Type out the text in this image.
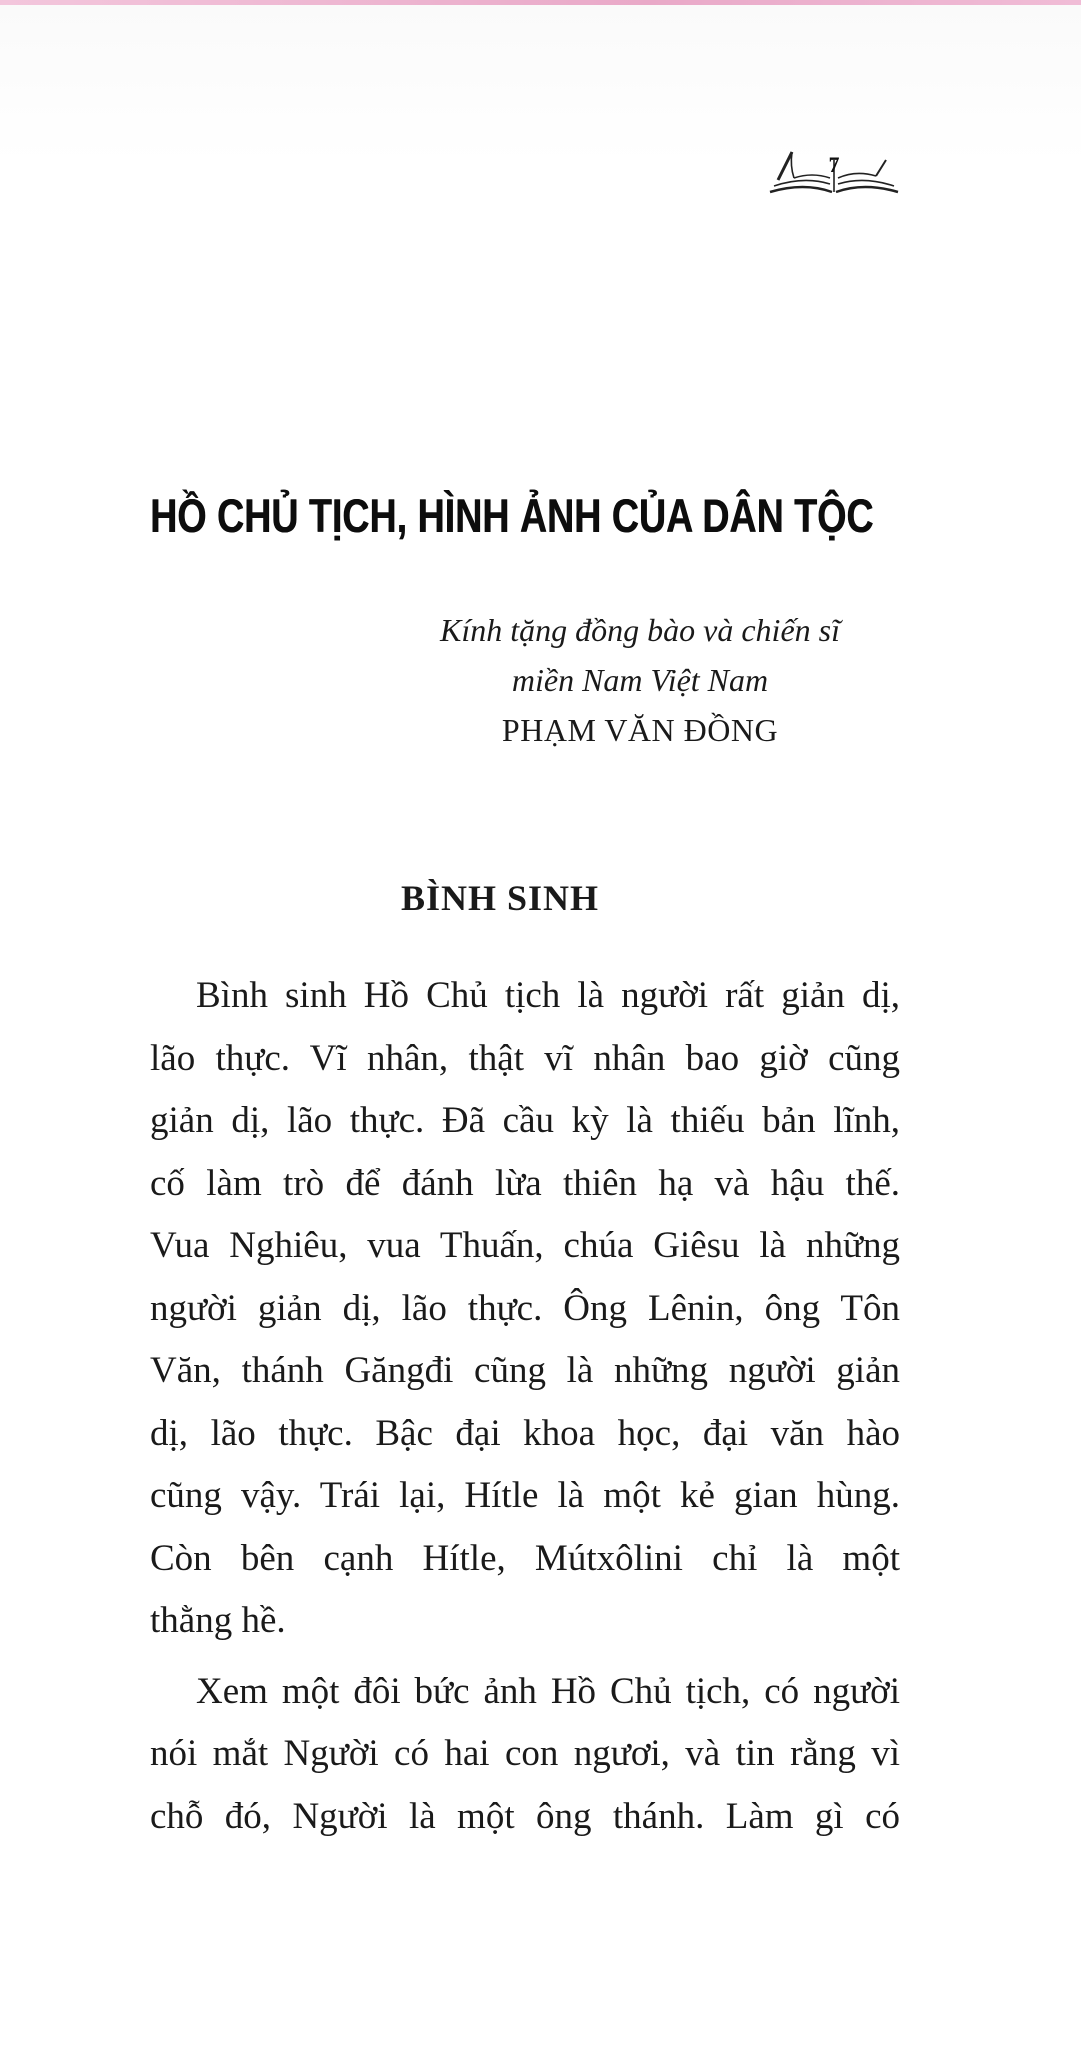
7
HỒ CHỦ TỊCH, HÌNH ẢNH CỦA DÂN TỘC
Kính tặng đồng bào và chiến sĩ
miền Nam Việt Nam
PHẠM VĂN ĐỒNG
BÌNH SINH
Bình sinh Hồ Chủ tịch là người rất giản dị,
lão thực. Vĩ nhân, thật vĩ nhân bao giờ cũng
giản dị, lão thực. Đã cầu kỳ là thiếu bản lĩnh,
cố làm trò để đánh lừa thiên hạ và hậu thế.
Vua Nghiêu, vua Thuấn, chúa Giêsu là những
người giản dị, lão thực. Ông Lênin, ông Tôn
Văn, thánh Găngđi cũng là những người giản
dị, lão thực. Bậc đại khoa học, đại văn hào
cũng vậy. Trái lại, Hítle là một kẻ gian hùng.
Còn bên cạnh Hítle, Mútxôlini chỉ là một
thằng hề.
Xem một đôi bức ảnh Hồ Chủ tịch, có người
nói mắt Người có hai con ngươi, và tin rằng vì
chỗ đó, Người là một ông thánh. Làm gì có
